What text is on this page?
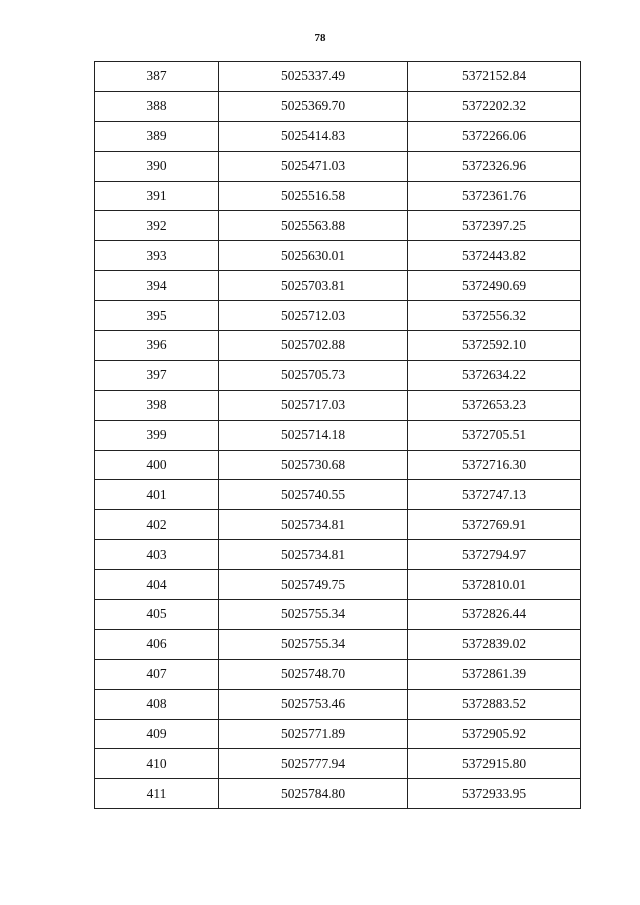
78
387	5025337.49	5372152.84
388	5025369.70	5372202.32
389	5025414.83	5372266.06
390	5025471.03	5372326.96
391	5025516.58	5372361.76
392	5025563.88	5372397.25
393	5025630.01	5372443.82
394	5025703.81	5372490.69
395	5025712.03	5372556.32
396	5025702.88	5372592.10
397	5025705.73	5372634.22
398	5025717.03	5372653.23
399	5025714.18	5372705.51
400	5025730.68	5372716.30
401	5025740.55	5372747.13
402	5025734.81	5372769.91
403	5025734.81	5372794.97
404	5025749.75	5372810.01
405	5025755.34	5372826.44
406	5025755.34	5372839.02
407	5025748.70	5372861.39
408	5025753.46	5372883.52
409	5025771.89	5372905.92
410	5025777.94	5372915.80
411	5025784.80	5372933.95
